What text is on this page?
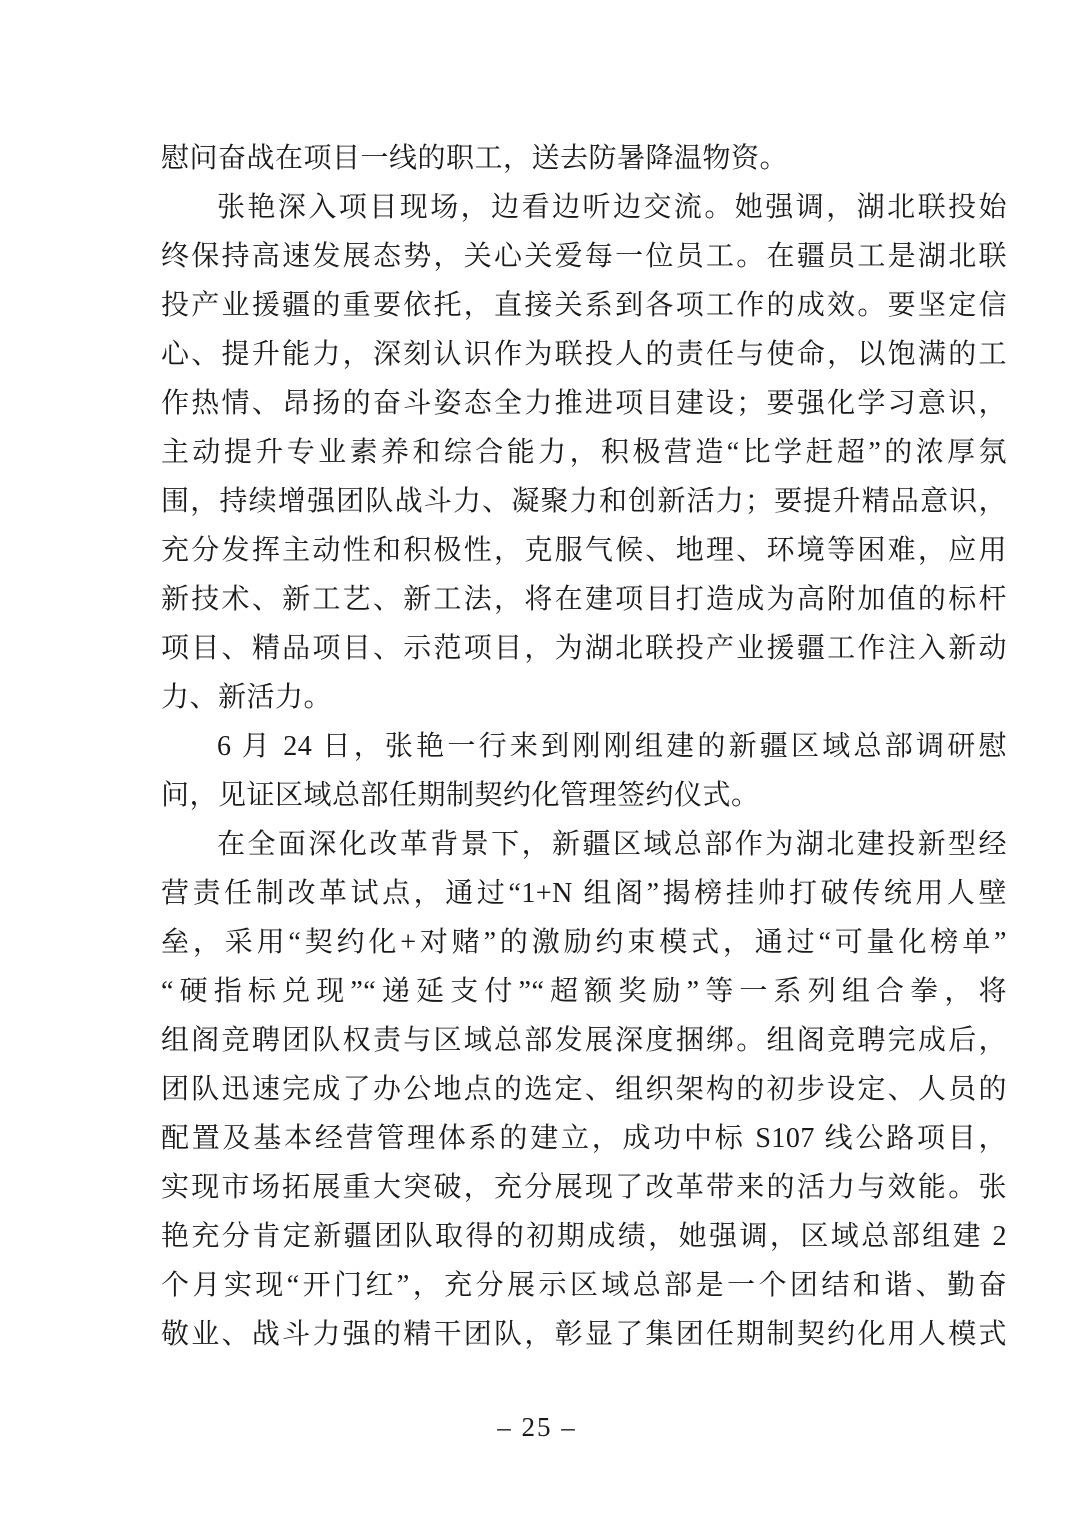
慰问奋战在项目一线的职工，送去防暑降温物资。
张艳深入项目现场，边看边听边交流。她强调，湖北联投始
终保持高速发展态势，关心关爱每一位员工。在疆员工是湖北联
投产业援疆的重要依托，直接关系到各项工作的成效。要坚定信
心、提升能力，深刻认识作为联投人的责任与使命，以饱满的工
作热情、昂扬的奋斗姿态全力推进项目建设；要强化学习意识，
主动提升专业素养和综合能力，积极营造“比学赶超”的浓厚氛
围，持续增强团队战斗力、凝聚力和创新活力；要提升精品意识，
充分发挥主动性和积极性，克服气候、地理、环境等困难，应用
新技术、新工艺、新工法，将在建项目打造成为高附加值的标杆
项目、精品项目、示范项目，为湖北联投产业援疆工作注入新动
力、新活力。
6 月 24 日，张艳一行来到刚刚组建的新疆区域总部调研慰
问，见证区域总部任期制契约化管理签约仪式。
在全面深化改革背景下，新疆区域总部作为湖北建投新型经
营责任制改革试点，通过“1+N 组阁”揭榜挂帅打破传统用人壁
垒，采用“契约化+对赌”的激励约束模式，通过“可量化榜单”
“硬指标兑现”“递延支付”“超额奖励”等一系列组合拳，将
组阁竞聘团队权责与区域总部发展深度捆绑。组阁竞聘完成后，
团队迅速完成了办公地点的选定、组织架构的初步设定、人员的
配置及基本经营管理体系的建立，成功中标 S107 线公路项目，
实现市场拓展重大突破，充分展现了改革带来的活力与效能。张
艳充分肯定新疆团队取得的初期成绩，她强调，区域总部组建 2
个月实现“开门红”，充分展示区域总部是一个团结和谐、勤奋
敬业、战斗力强的精干团队，彰显了集团任期制契约化用人模式
– 25 –
